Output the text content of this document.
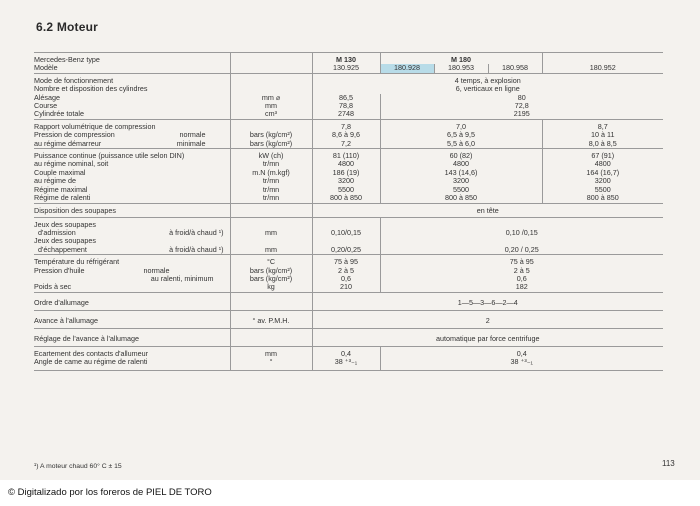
6.2 Moteur
Mercedes-Benz type		M 130	M 180			
Modèle		130.925	180.928	180.953	180.958	180.952
Mode de fonctionnement		4 temps, à explosion				
Nombre et disposition des cylindres		6, verticaux en ligne				
Alésage	mm ⌀	86,5	80			
Course	mm	78,8	72,8			
Cylindrée totale	cm³	2748	2195			
Rapport volumétrique de compression		7,8	7,0			8,7

Pression de compression normale	bars (kg/cm²)	8,6 à 9,6	6,5 à 9,5			10 à 11

au régime démarreur minimale	bars (kg/cm²)	7,2	5,5 à 6,0			8,0 à 8,5
Puissance continue (puissance utile selon DIN)	kW (ch)	81 (110)	60 (82)			67 (91)
au régime nominal, soit	tr/mn	4800	4800			4800
Couple maximal	m.N (m.kgf)	186 (19)	143 (14,6)			164 (16,7)
au régime de	tr/mn	3200	3200			3200
Régime maximal	tr/mn	5500	5500			5500
Régime de ralenti	tr/mn	800 à 850	800 à 850			800 à 850
Disposition des soupapes		en tête				
Jeux des soupapes						

d'admission à froid/à chaud ¹)	mm	0,10/0,15	0,10 /0,15			
Jeux des soupapes						

d'échappement à froid/à chaud ¹)	mm	0,20/0,25	0,20 / 0,25			
Température du réfrigérant	°C	75 à 95	75 à 95			

Pression d'huile normale	bars (kg/cm²)	2 à 5	2 à 5			

au ralenti, minimum	bars (kg/cm²)	0,6	0,6			
Poids à sec	kg	210	182			
Ordre d'allumage		1—5—3—6—2—4				
Avance à l'allumage	° av. P.M.H.	2				
Réglage de l'avance à l'allumage		automatique par force centrifuge				
Ecartement des contacts d'allumeur	mm	0,4	0,4			
Angle de came au régime de ralenti	°	38 ⁺³₋₁	38 ⁺³₋₁			
¹) A moteur chaud 60° C ± 15	113
© Digitalizado por los foreros de PIEL DE TORO
